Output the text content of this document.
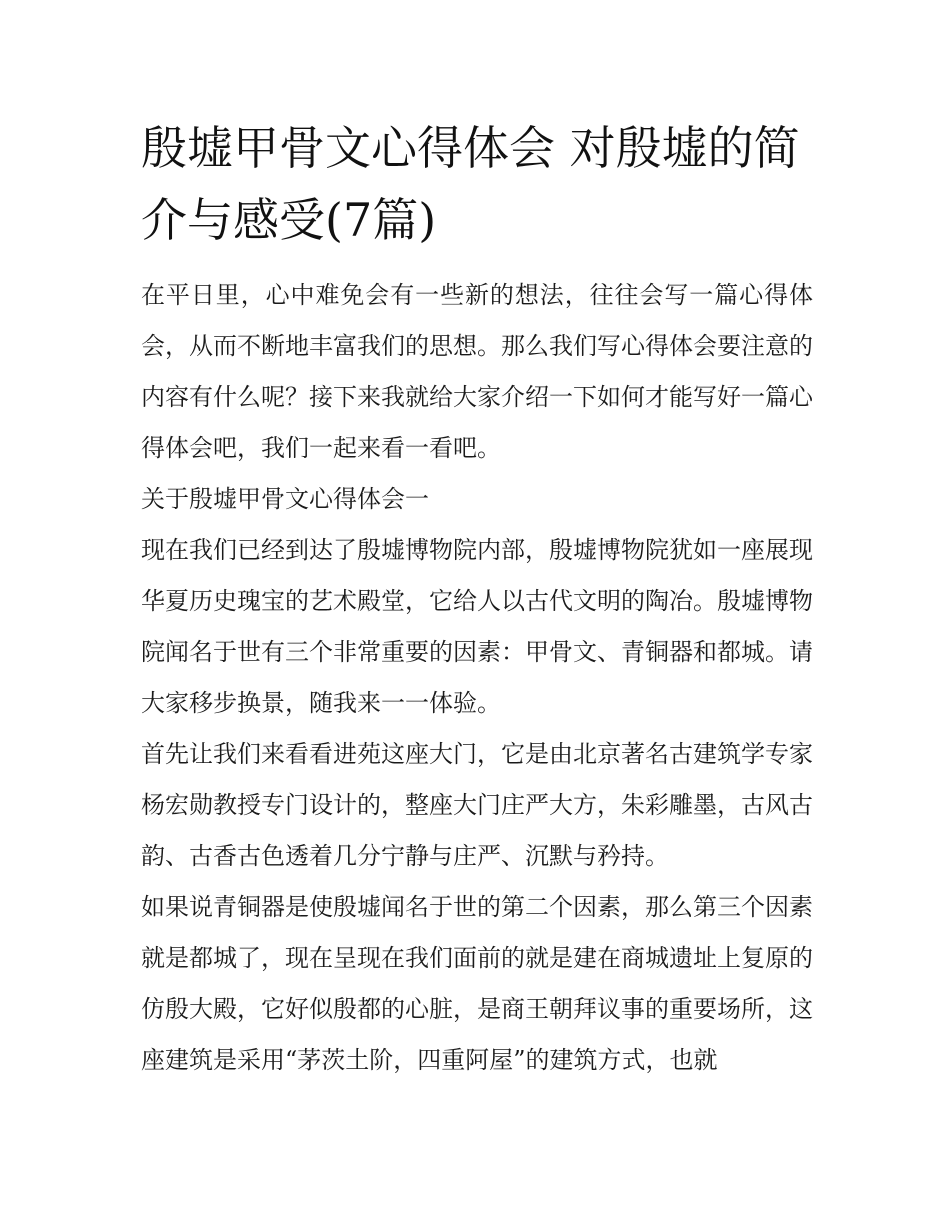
殷墟甲骨文心得体会 对殷墟的简介与感受(7篇)

在平日里，心中难免会有一些新的想法，往往会写一篇心得体会，从而不断地丰富我们的思想。那么我们写心得体会要注意的内容有什么呢？接下来我就给大家介绍一下如何才能写好一篇心得体会吧，我们一起来看一看吧。

关于殷墟甲骨文心得体会一

现在我们已经到达了殷墟博物院内部，殷墟博物院犹如一座展现华夏历史瑰宝的艺术殿堂，它给人以古代文明的陶冶。殷墟博物院闻名于世有三个非常重要的因素：甲骨文、青铜器和都城。请大家移步换景，随我来一一体验。

首先让我们来看看进苑这座大门，它是由北京著名古建筑学专家杨宏勋教授专门设计的，整座大门庄严大方，朱彩雕墨，古风古韵、古香古色透着几分宁静与庄严、沉默与矜持。

如果说青铜器是使殷墟闻名于世的第二个因素，那么第三个因素就是都城了，现在呈现在我们面前的就是建在商城遗址上复原的仿殷大殿，它好似殷都的心脏，是商王朝拜议事的重要场所，这座建筑是采用“茅茨土阶，四重阿屋”的建筑方式，也就
